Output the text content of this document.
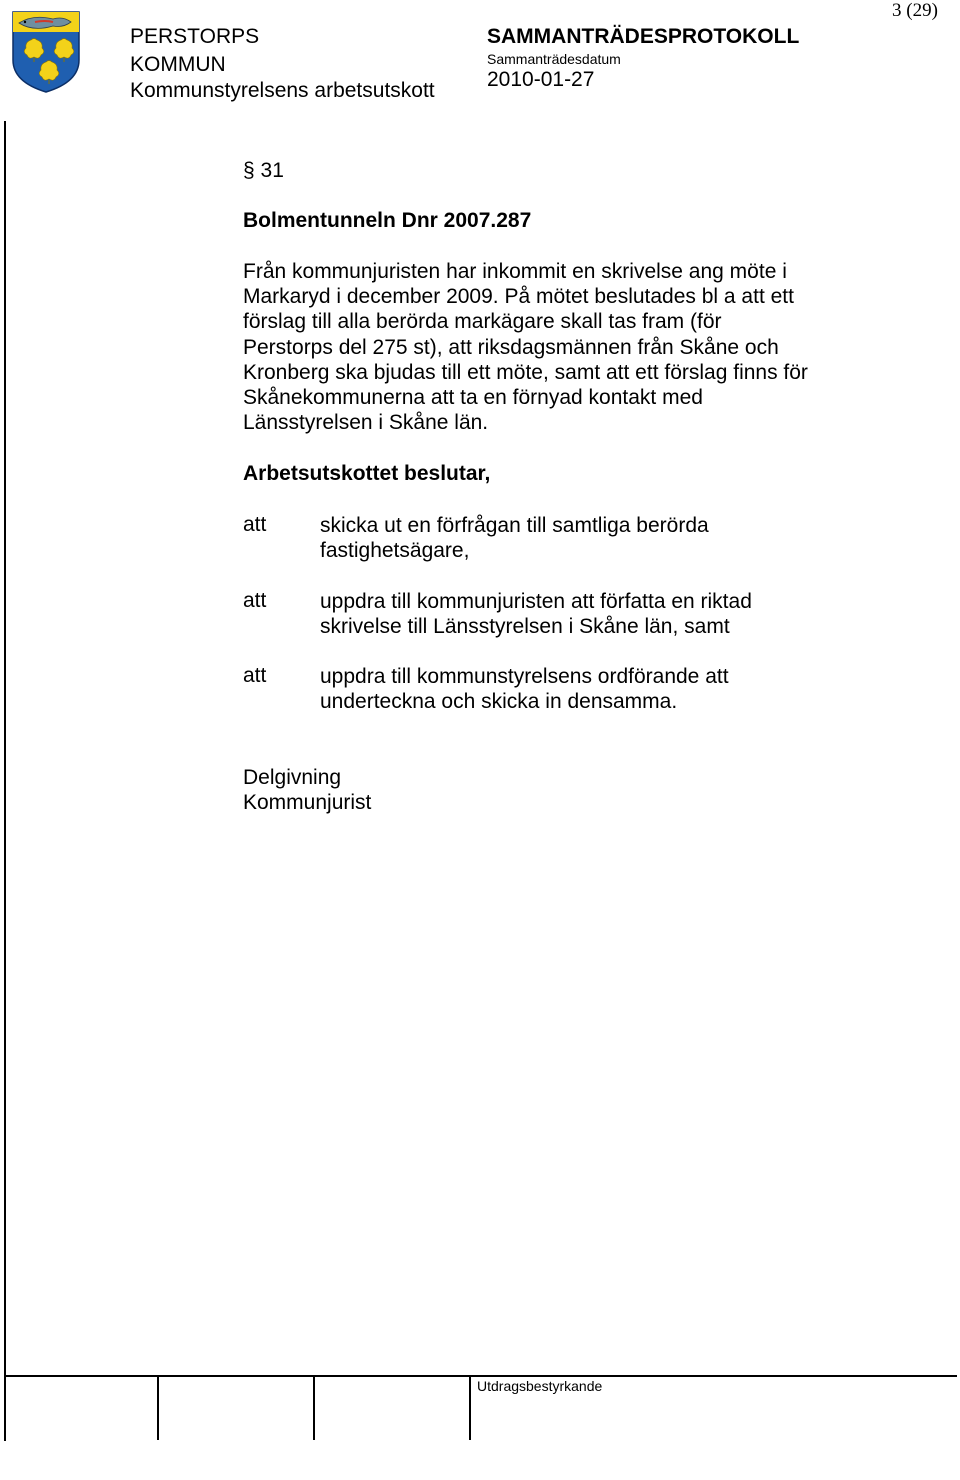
PERSTORPS
KOMMUN
Kommunstyrelsens arbetsutskott
SAMMANTRÄDESPROTOKOLL
Sammanträdesdatum
2010-01-27
3 (29)
§ 31
Bolmentunneln Dnr 2007.287
Från kommunjuristen har inkommit en skrivelse ang möte i
Markaryd i december 2009. På mötet beslutades bl a att ett
förslag till alla berörda markägare skall tas fram (för
Perstorps del 275 st), att riksdagsmännen från Skåne och
Kronberg ska bjudas till ett möte, samt att ett förslag finns för
Skånekommunerna att ta en förnyad kontakt med
Länsstyrelsen i Skåne län.
Arbetsutskottet beslutar,
att	skicka ut en förfrågan till samtliga berörda
fastighetsägare,
att	uppdra till kommunjuristen att författa en riktad
skrivelse till Länsstyrelsen i Skåne län, samt
att	uppdra till kommunstyrelsens ordförande att
underteckna och skicka in densamma.
Delgivning
Kommunjurist
Utdragsbestyrkande
